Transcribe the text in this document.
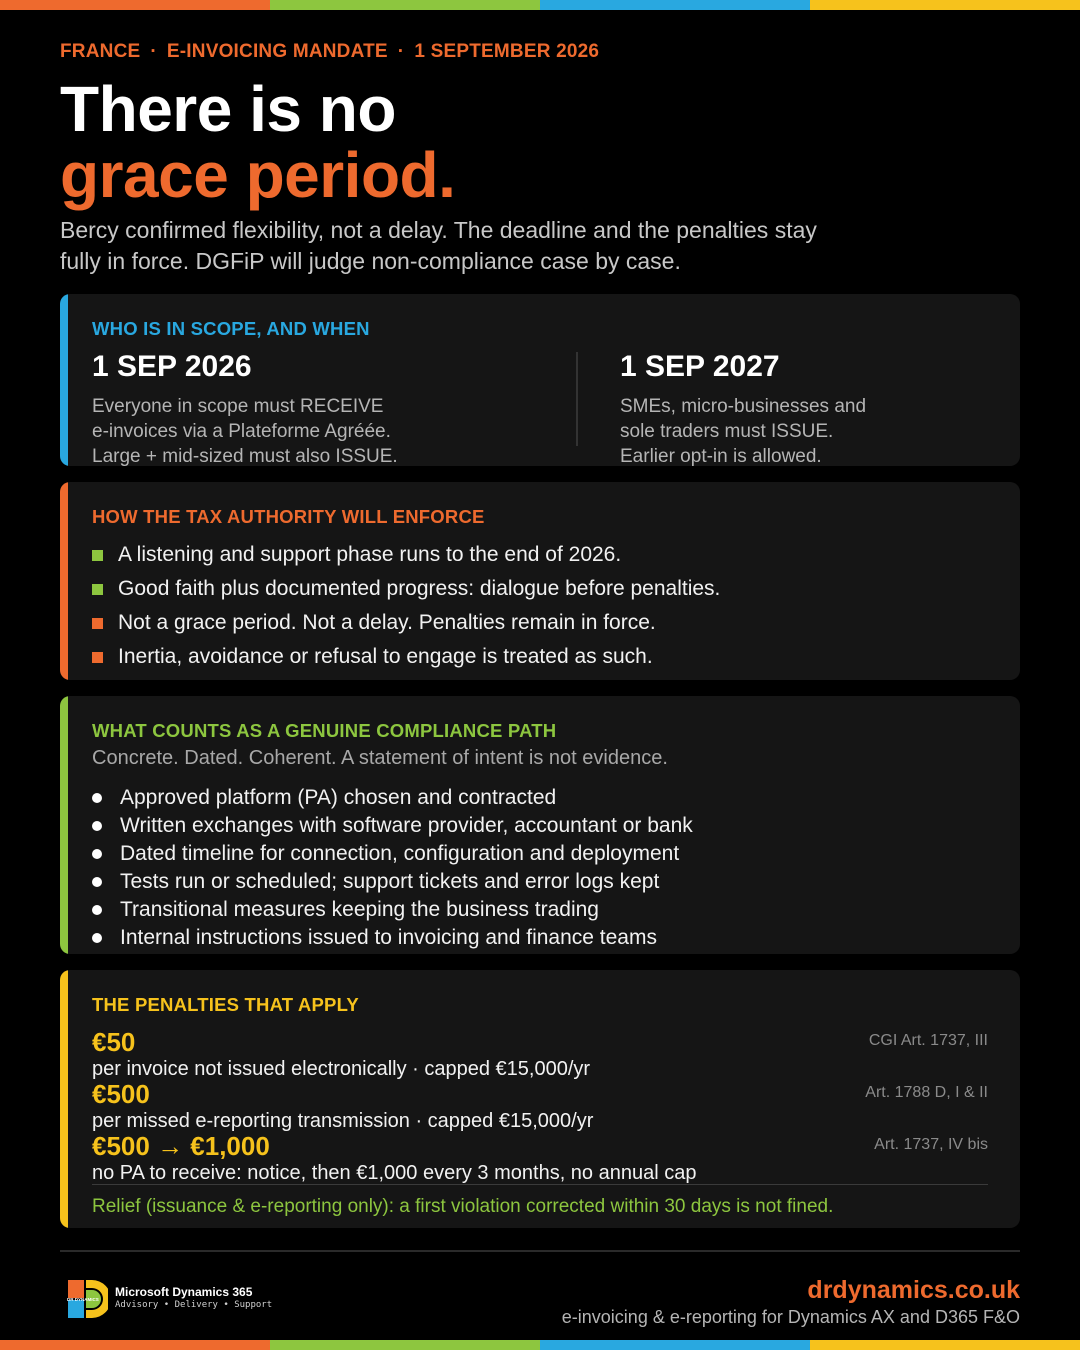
FRANCE · E-INVOICING MANDATE · 1 SEPTEMBER 2026
There is no
grace period.

Bercy confirmed flexibility, not a delay. The deadline and the penalties stay fully in force. DGFiP will judge non-compliance case by case.

WHO IS IN SCOPE, AND WHEN
1 SEP 2026
Everyone in scope must RECEIVE
e-invoices via a Plateforme Agréée.
Large + mid-sized must also ISSUE.
1 SEP 2027
SMEs, micro-businesses and
sole traders must ISSUE.
Earlier opt-in is allowed.
HOW THE TAX AUTHORITY WILL ENFORCE
A listening and support phase runs to the end of 2026.
Good faith plus documented progress: dialogue before penalties.
Not a grace period. Not a delay. Penalties remain in force.
Inertia, avoidance or refusal to engage is treated as such.
WHAT COUNTS AS A GENUINE COMPLIANCE PATH
Concrete. Dated. Coherent. A statement of intent is not evidence.
Approved platform (PA) chosen and contracted
Written exchanges with software provider, accountant or bank
Dated timeline for connection, configuration and deployment
Tests run or scheduled; support tickets and error logs kept
Transitional measures keeping the business trading
Internal instructions issued to invoicing and finance teams
THE PENALTIES THAT APPLY
€50
per invoice not issued electronically · capped €15,000/yr
CGI Art. 1737, III
€500
per missed e-reporting transmission · capped €15,000/yr
Art. 1788 D, I & II
€500 → €1,000
no PA to receive: notice, then €1,000 every 3 months, no annual cap
Art. 1737, IV bis
Relief (issuance & e-reporting only): a first violation corrected within 30 days is not fined.
DR DYNAMICS
Microsoft Dynamics 365
Advisory • Delivery • Support
drdynamics.co.uk
e-invoicing & e-reporting for Dynamics AX and D365 F&O
